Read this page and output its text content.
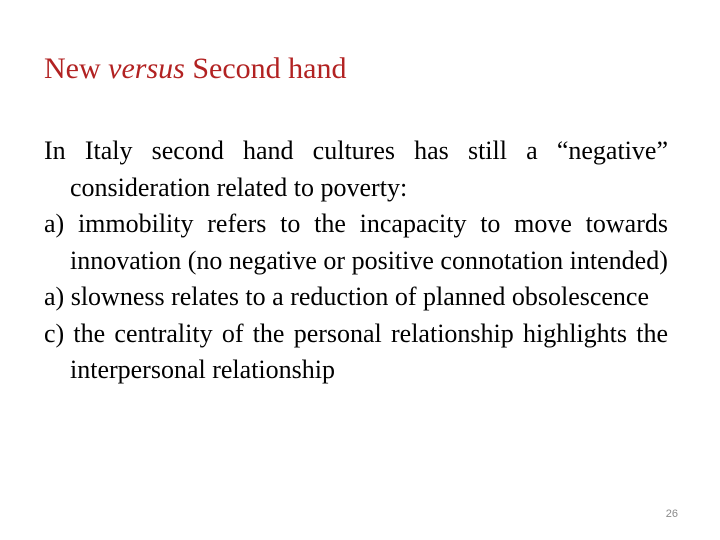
New versus Second hand

In Italy second hand cultures has still a “negative” consideration related to poverty:

a) immobility refers to the incapacity to move towards innovation (no negative or positive connotation intended)

a) slowness relates to a reduction of planned obsolescence

c) the centrality of the personal relationship highlights the interpersonal relationship

26
